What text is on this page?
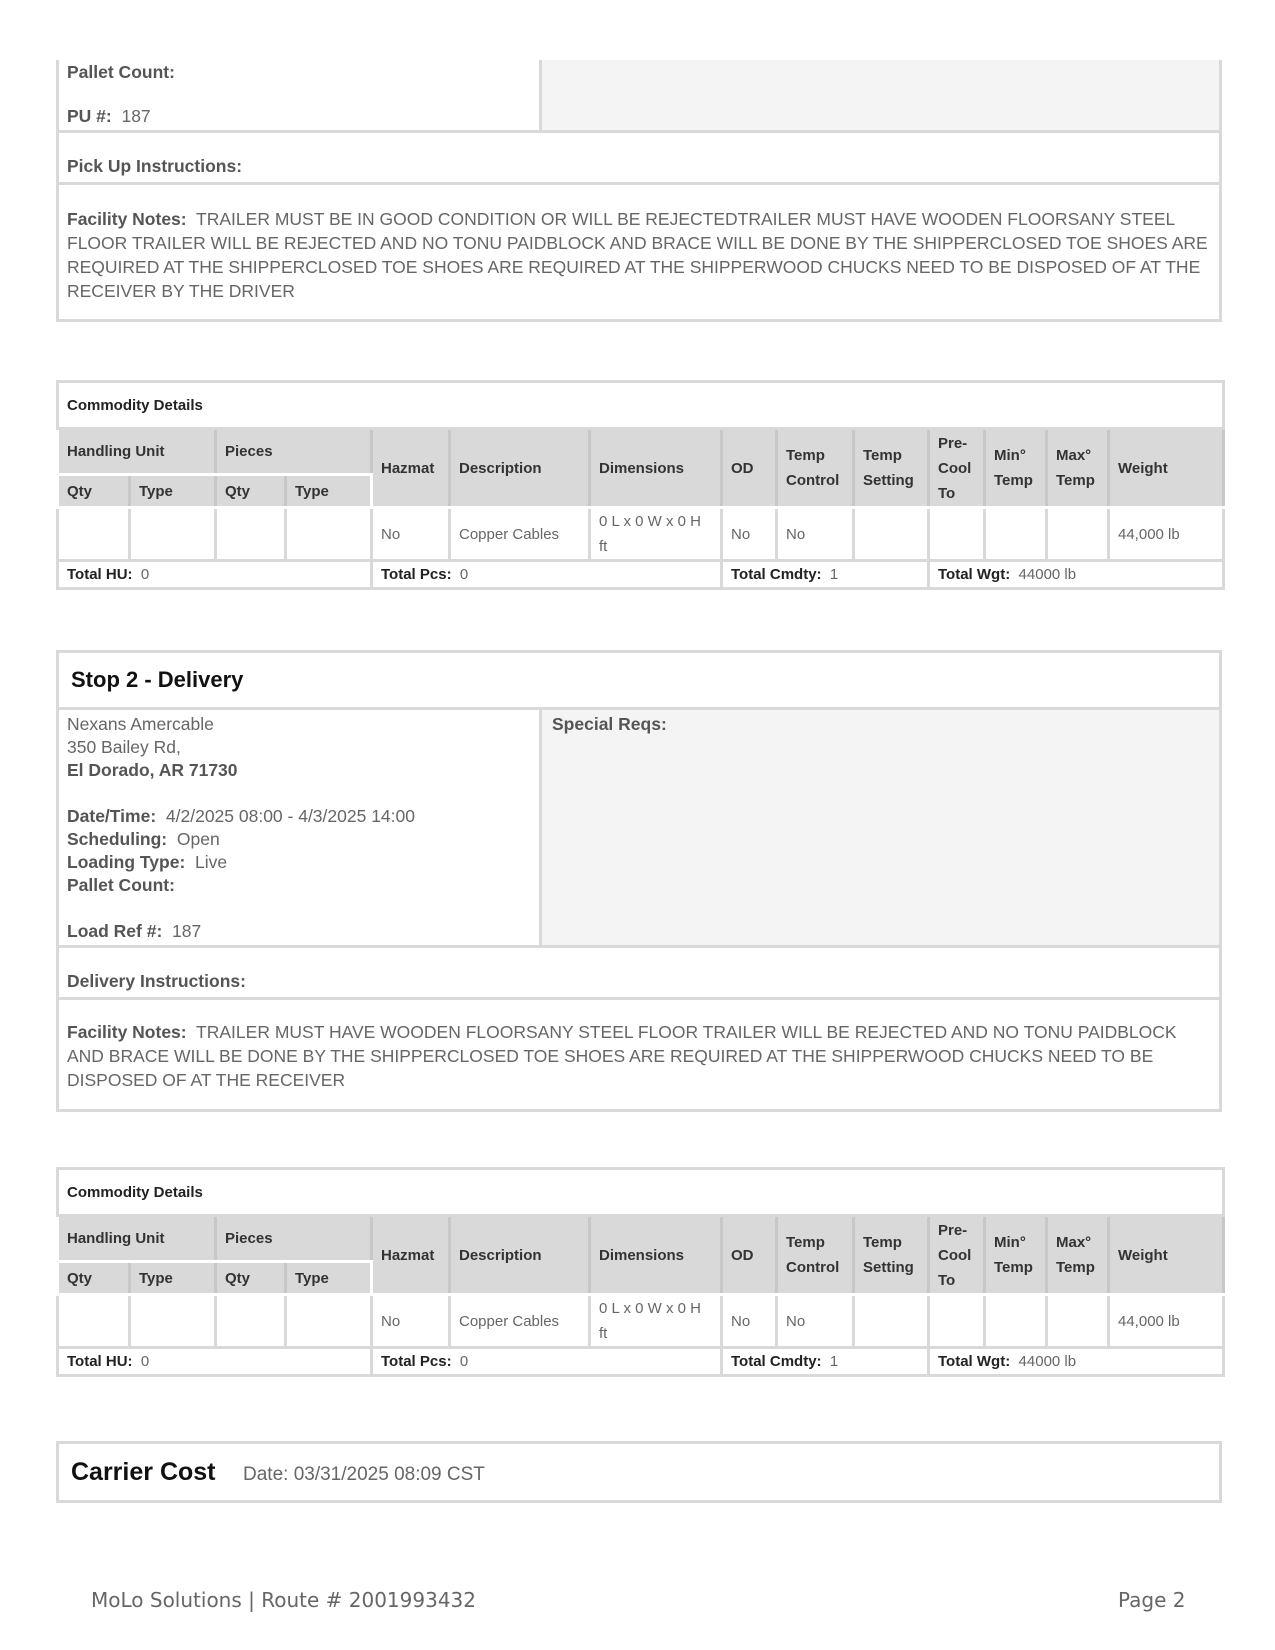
Pallet Count:
PU #: 187
Pick Up Instructions:
Facility Notes: TRAILER MUST BE IN GOOD CONDITION OR WILL BE REJECTEDTRAILER MUST HAVE WOODEN FLOORSANY STEEL FLOOR TRAILER WILL BE REJECTED AND NO TONU PAIDBLOCK AND BRACE WILL BE DONE BY THE SHIPPERCLOSED TOE SHOES ARE REQUIRED AT THE SHIPPERCLOSED TOE SHOES ARE REQUIRED AT THE SHIPPERWOOD CHUCKS NEED TO BE DISPOSED OF AT THE RECEIVER BY THE DRIVER
Commodity Details													
Handling Unit		Pieces		Hazmat	Description	Dimensions	OD	Temp Control	Temp Setting	Pre-Cool To	Min° Temp	Max° Temp	Weight
Qty	Type	Qty	Type										
				No	Copper Cables	0 L x 0 W x 0 H ft	No	No					44,000 lb
Total HU: 0				Total Pcs: 0			Total Cmdty: 1			Total Wgt: 44000 lb			
Stop 2 - Delivery
Nexans Amercable
350 Bailey Rd,
El Dorado, AR 71730
Date/Time: 4/2/2025 08:00 - 4/3/2025 14:00
Scheduling: Open
Loading Type: Live
Pallet Count:
Load Ref #: 187
Special Reqs:
Delivery Instructions:
Facility Notes: TRAILER MUST HAVE WOODEN FLOORSANY STEEL FLOOR TRAILER WILL BE REJECTED AND NO TONU PAIDBLOCK AND BRACE WILL BE DONE BY THE SHIPPERCLOSED TOE SHOES ARE REQUIRED AT THE SHIPPERWOOD CHUCKS NEED TO BE DISPOSED OF AT THE RECEIVER
Commodity Details													
Handling Unit		Pieces		Hazmat	Description	Dimensions	OD	Temp Control	Temp Setting	Pre-Cool To	Min° Temp	Max° Temp	Weight
Qty	Type	Qty	Type										
				No	Copper Cables	0 L x 0 W x 0 H ft	No	No					44,000 lb
Total HU: 0				Total Pcs: 0			Total Cmdty: 1			Total Wgt: 44000 lb			
Carrier Cost Date: 03/31/2025 08:09 CST
MoLo Solutions | Route # 2001993432	Page 2
